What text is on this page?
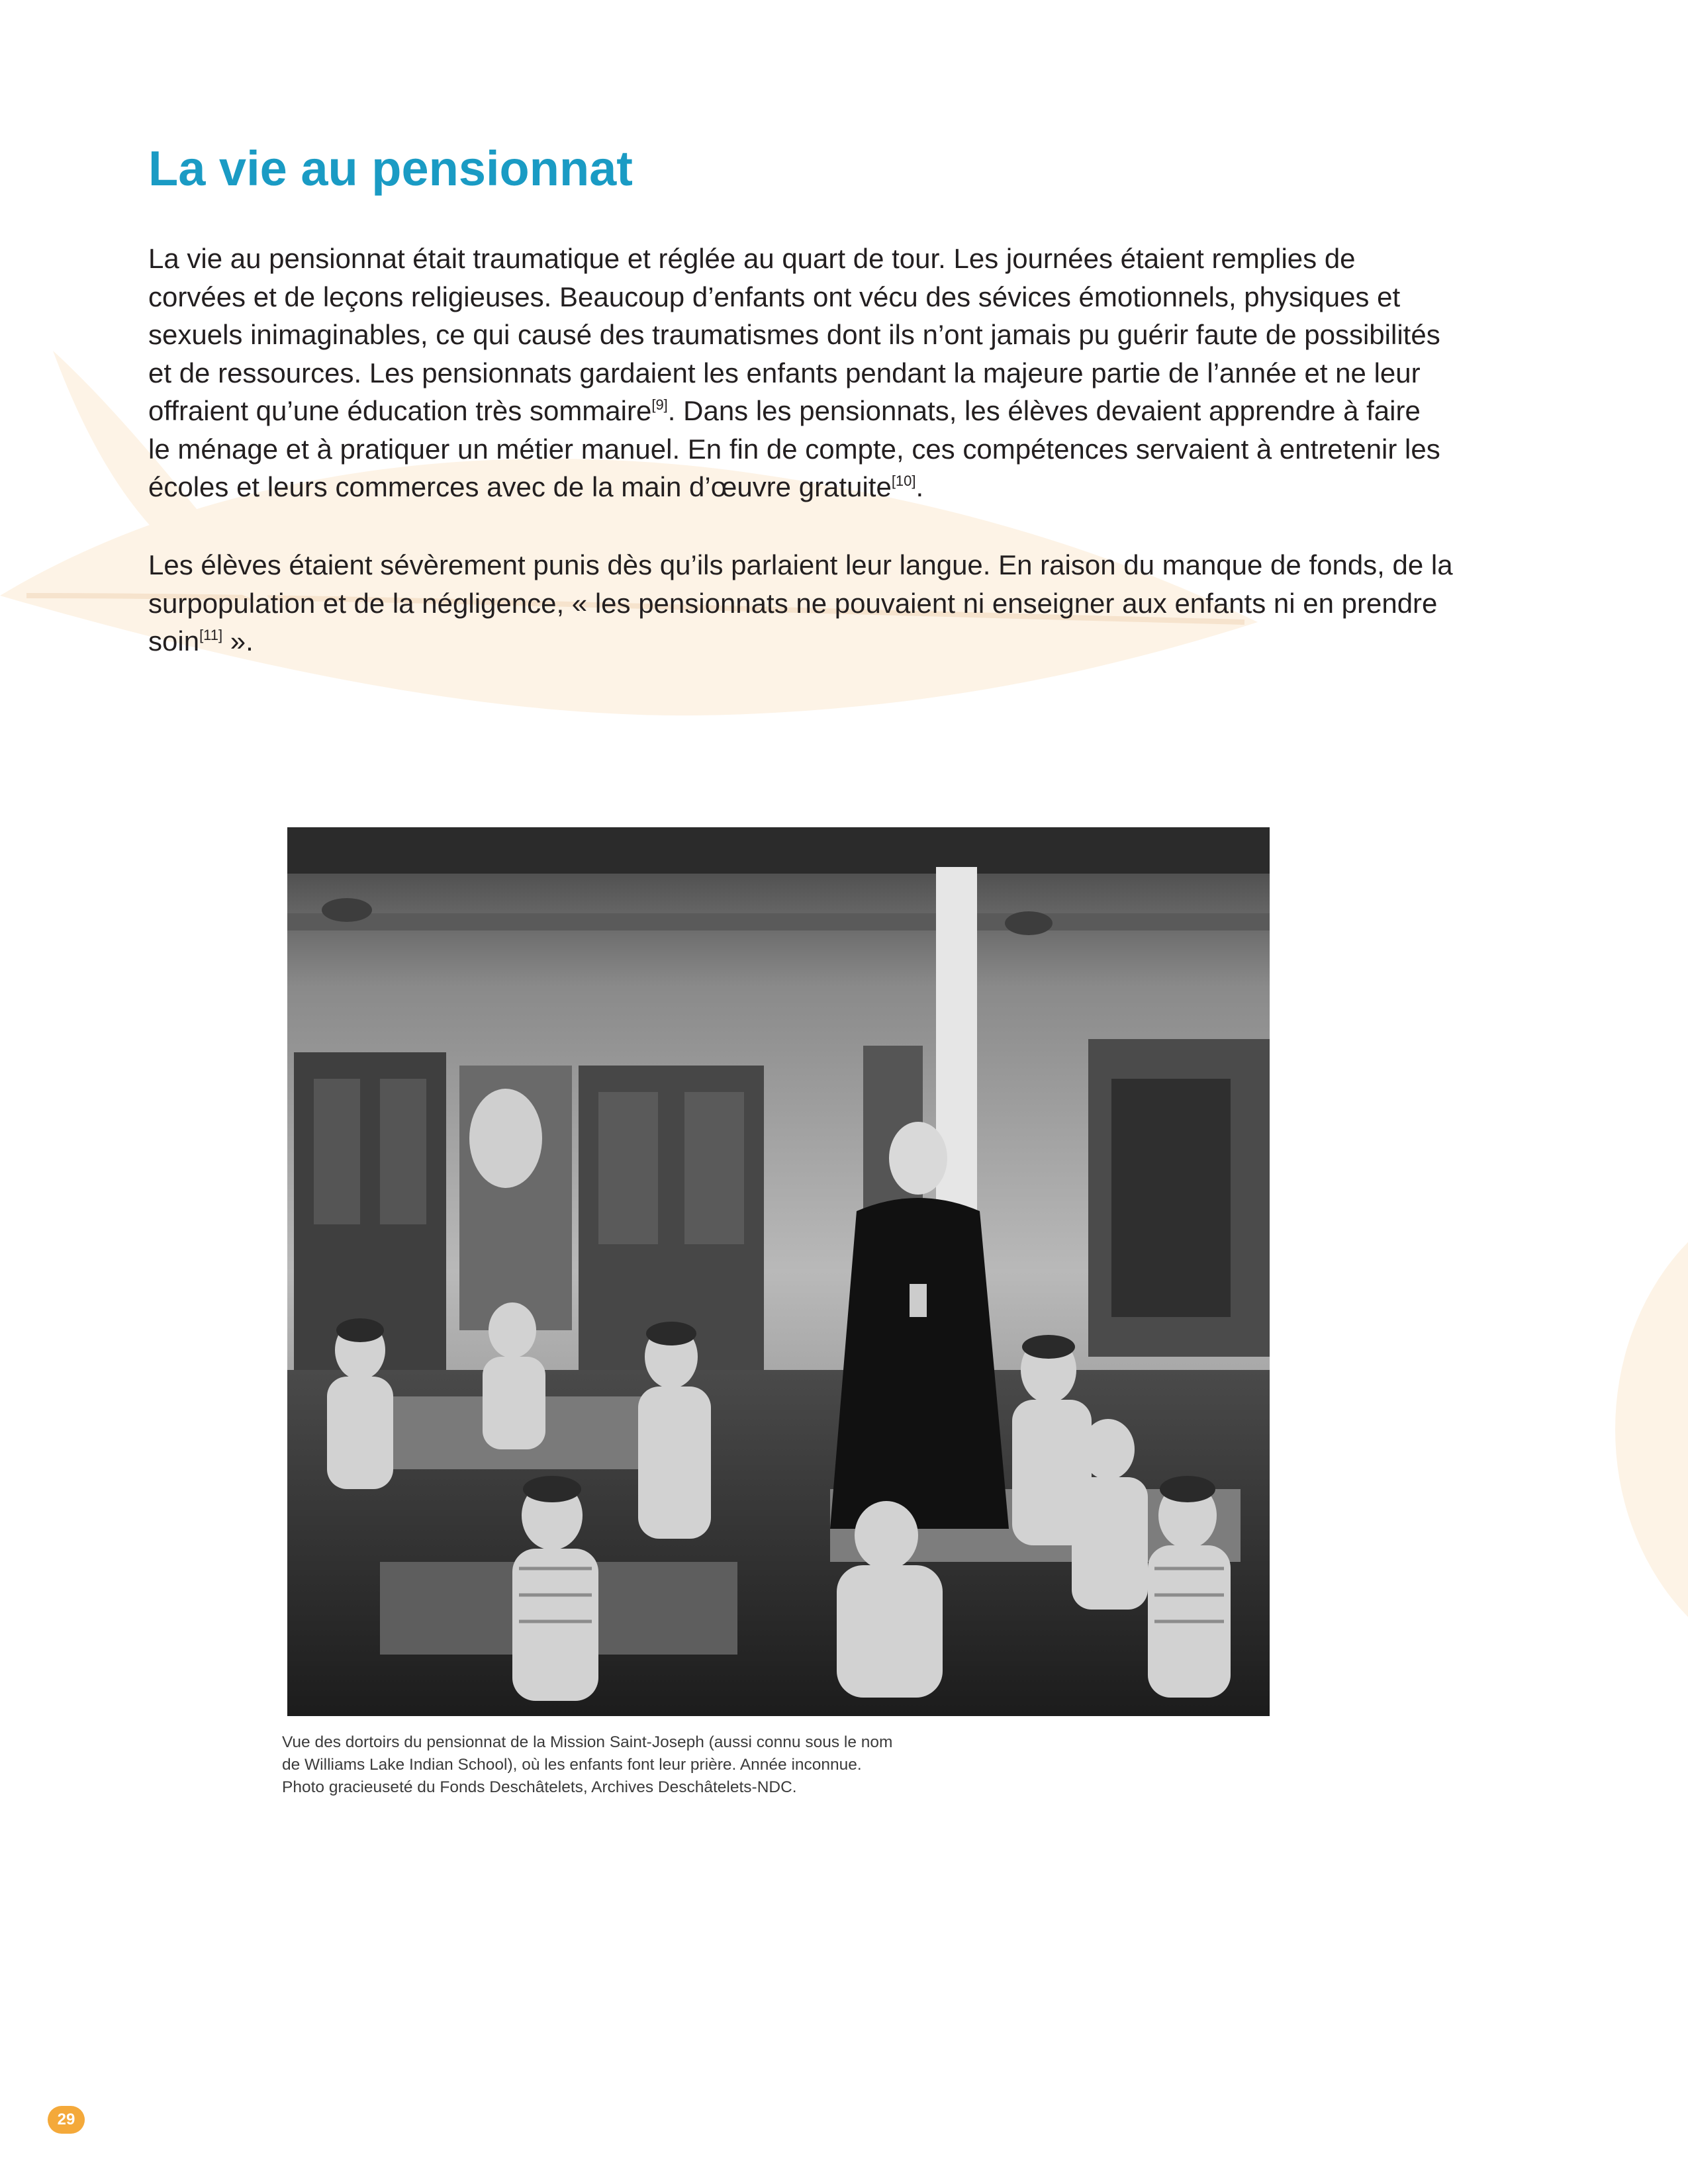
La vie au pensionnat

La vie au pensionnat était traumatique et réglée au quart de tour. Les journées étaient remplies de
corvées et de leçons religieuses. Beaucoup d’enfants ont vécu des sévices émotionnels, physiques et
sexuels inimaginables, ce qui causé des traumatismes dont ils n’ont jamais pu guérir faute de possibilités
et de ressources. Les pensionnats gardaient les enfants pendant la majeure partie de l’année et ne leur
offraient qu’une éducation très sommaire[9]. Dans les pensionnats, les élèves devaient apprendre à faire
le ménage et à pratiquer un métier manuel. En fin de compte, ces compétences servaient à entretenir les
écoles et leurs commerces avec de la main d’œuvre gratuite[10].

Les élèves étaient sévèrement punis dès qu’ils parlaient leur langue. En raison du manque de fonds, de la
surpopulation et de la négligence, « les pensionnats ne pouvaient ni enseigner aux enfants ni en prendre
soin[11] ».

Vue des dortoirs du pensionnat de la Mission Saint-Joseph (aussi connu sous le nom
de Williams Lake Indian School), où les enfants font leur prière. Année inconnue.
Photo gracieuseté du Fonds Deschâtelets, Archives Deschâtelets-NDC.

29
